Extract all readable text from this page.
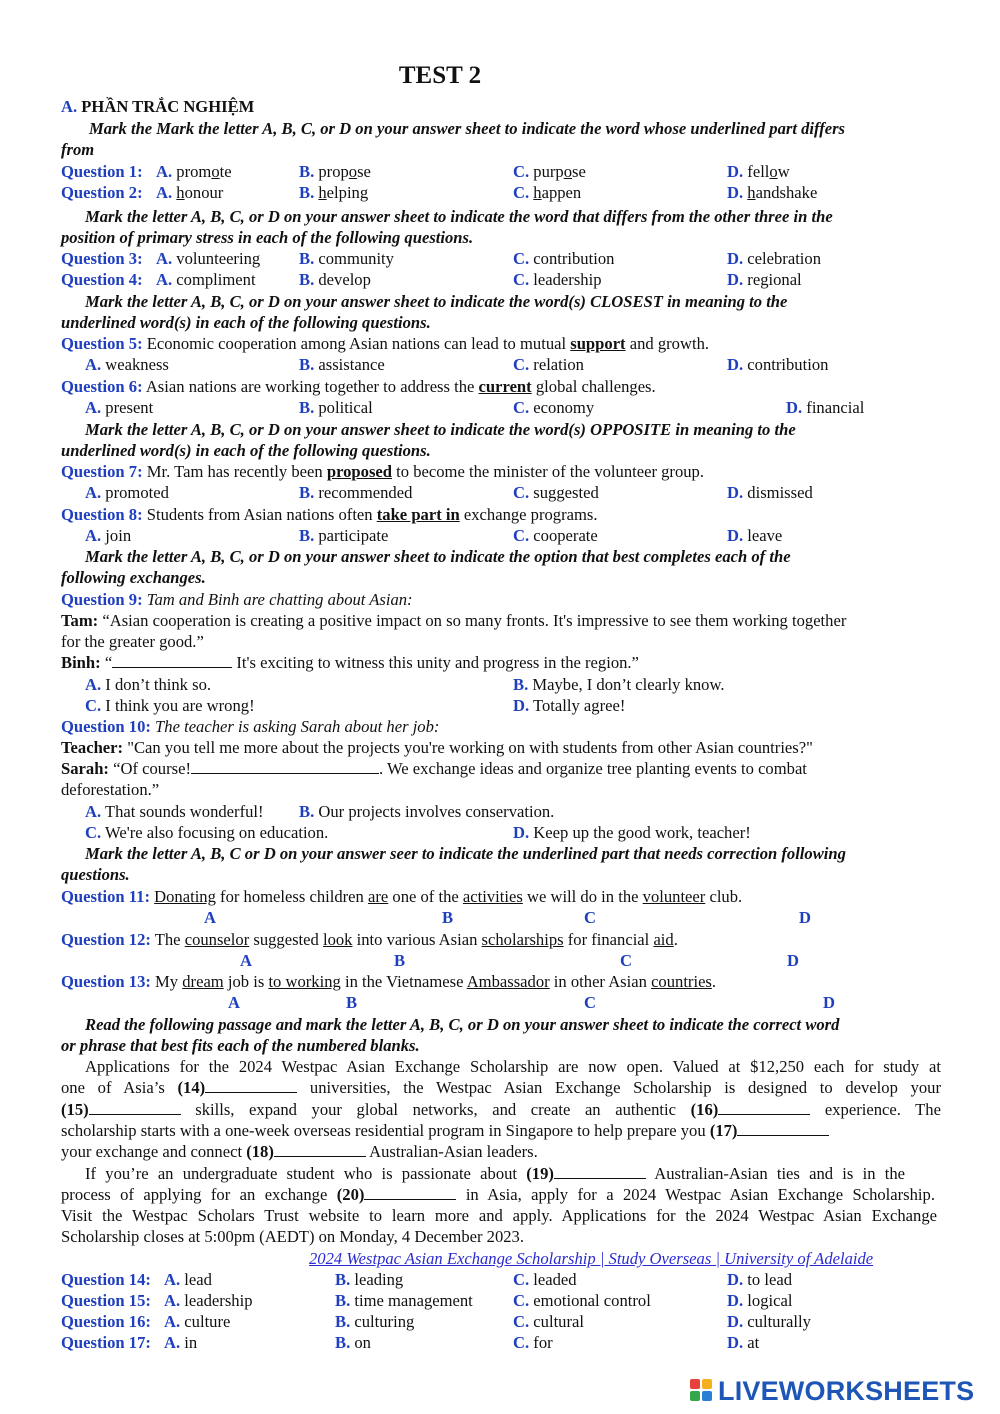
TEST 2
A. PHẦN TRẮC NGHIỆM
Mark the Mark the letter A, B, C, or D on your answer sheet to indicate the word whose underlined part differs
from
Question 1: A. promote	B. propose	C. purpose	D. fellow
Question 2: A. honour	B. helping	C. happen	D. handshake
Mark the letter A, B, C, or D on your answer sheet to indicate the word that differs from the other three in the
position of primary stress in each of the following questions.
Question 3: A. volunteering B. community	C. contribution	D. celebration
Question 4: A. compliment	B. develop	C. leadership	D. regional
Mark the letter A, B, C, or D on your answer sheet to indicate the word(s) CLOSEST in meaning to the
underlined word(s) in each of the following questions.
Question 5: Economic cooperation among Asian nations can lead to mutual support and growth.
A. weakness	B. assistance	C. relation	D. contribution
Question 6: Asian nations are working together to address the current global challenges.
A. present	B. political	C. economy	D. financial
Mark the letter A, B, C, or D on your answer sheet to indicate the word(s) OPPOSITE in meaning to the
underlined word(s) in each of the following questions.
Question 7: Mr. Tam has recently been proposed to become the minister of the volunteer group.
A. promoted	B. recommended	C. suggested	D. dismissed
Question 8: Students from Asian nations often take part in exchange programs.
A. join	B. participate	C. cooperate	D. leave
Mark the letter A, B, C, or D on your answer sheet to indicate the option that best completes each of the
following exchanges.
Question 9: Tam and Binh are chatting about Asian:
Tam: “Asian cooperation is creating a positive impact on so many fronts. It's impressive to see them working together
for the greater good.”
Binh: “	It's exciting to witness this unity and progress in the region.”
A. I don’t think so.	B. Maybe, I don’t clearly know.
C. I think you are wrong!	D. Totally agree!
Question 10: The teacher is asking Sarah about her job:
Teacher: "Can you tell me more about the projects you're working on with students from other Asian countries?"
Sarah: “Of course!	. We exchange ideas and organize tree planting events to combat
deforestation.”
A. That sounds wonderful! B. Our projects involves conservation.
C. We're also focusing on education.	D. Keep up the good work, teacher!
Mark the letter A, B, C or D on your answer seer to indicate the underlined part that needs correction following
questions.
Question 11: Donating for homeless children are one of the activities we will do in the volunteer club.
A	B	C	D
Question 12: The counselor suggested look into various Asian scholarships for financial aid.
A	B	C	D
Question 13: My dream job is to working in the Vietnamese Ambassador in other Asian countries.
A	B	C	D
Read the following passage and mark the letter A, B, C, or D on your answer sheet to indicate the correct word
or phrase that best fits each of the numbered blanks.
Applications for the 2024 Westpac Asian Exchange Scholarship are now open. Valued at $12,250 each for study at
one of Asia’s (14)	universities, the Westpac Asian Exchange Scholarship is designed to develop your
(15)	skills, expand your global networks, and create an authentic (16)	experience. The
scholarship starts with a one-week overseas residential program in Singapore to help prepare you (17)
your exchange and connect (18)	Australian-Asian leaders.
If you’re an undergraduate student who is passionate about (19)	Australian-Asian ties and is in the
process of applying for an exchange (20)	in Asia, apply for a 2024 Westpac Asian Exchange Scholarship.
Visit the Westpac Scholars Trust website to learn more and apply. Applications for the 2024 Westpac Asian Exchange
Scholarship closes at 5:00pm (AEDT) on Monday, 4 December 2023.
2024 Westpac Asian Exchange Scholarship | Study Overseas | University of Adelaide
Question 14: A. lead	B. leading	C. leaded	D. to lead
Question 15: A. leadership	B. time management C. emotional control	D. logical
Question 16: A. culture	B. culturing	C. cultural	D. culturally
Question 17: A. in	B. on	C. for	D. at
LIVEWORKSHEETS
